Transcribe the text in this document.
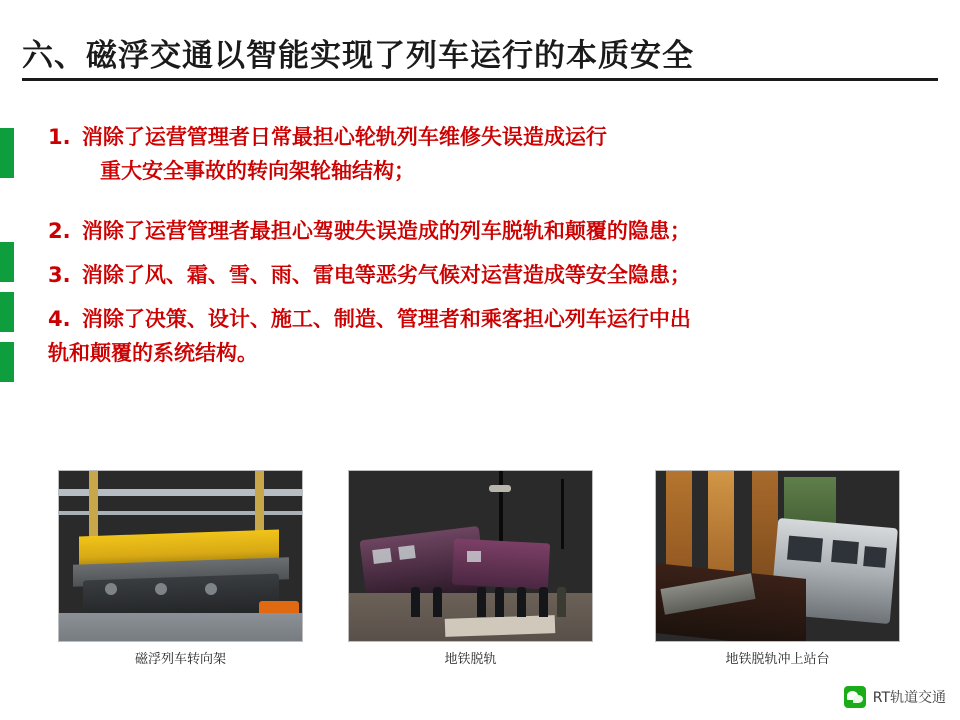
六、磁浮交通以智能实现了列车运行的本质安全

1. 消除了运营管理者日常最担心轮轨列车维修失误造成运行
重大安全事故的转向架轮轴结构；

2. 消除了运营管理者最担心驾驶失误造成的列车脱轨和颠覆的隐患；

3. 消除了风、霜、雪、雨、雷电等恶劣气候对运营造成等安全隐患；

4. 消除了决策、设计、施工、制造、管理者和乘客担心列车运行中出
轨和颠覆的系统结构。

磁浮列车转向架	地铁脱轨	地铁脱轨冲上站台
RT轨道交通
